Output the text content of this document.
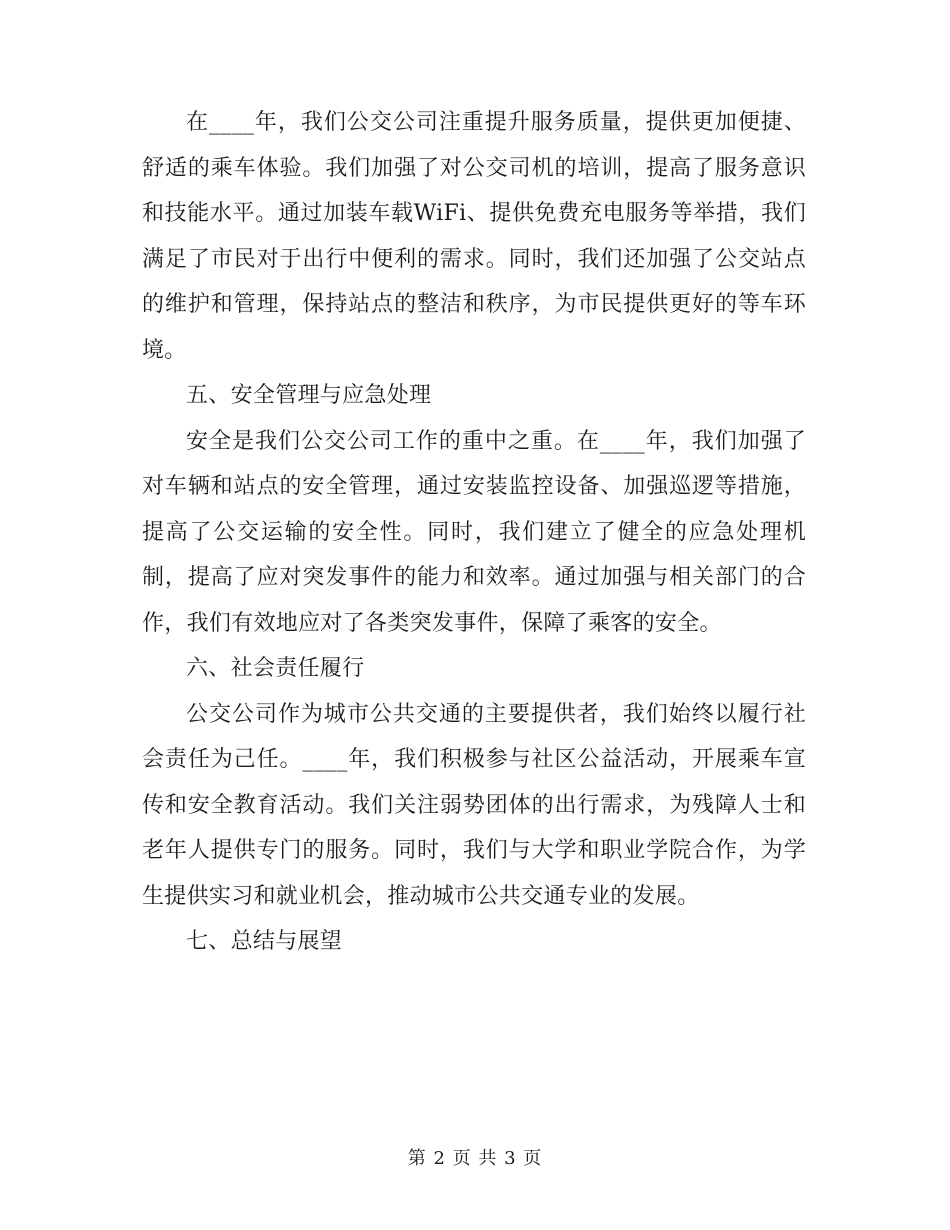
在____年，我们公交公司注重提升服务质量，提供更加便捷、舒适的乘车体验。我们加强了对公交司机的培训，提高了服务意识和技能水平。通过加装车载WiFi、提供免费充电服务等举措，我们满足了市民对于出行中便利的需求。同时，我们还加强了公交站点的维护和管理，保持站点的整洁和秩序，为市民提供更好的等车环境。

五、安全管理与应急处理

安全是我们公交公司工作的重中之重。在____年，我们加强了对车辆和站点的安全管理，通过安装监控设备、加强巡逻等措施，提高了公交运输的安全性。同时，我们建立了健全的应急处理机制，提高了应对突发事件的能力和效率。通过加强与相关部门的合作，我们有效地应对了各类突发事件，保障了乘客的安全。

六、社会责任履行

公交公司作为城市公共交通的主要提供者，我们始终以履行社会责任为己任。____年，我们积极参与社区公益活动，开展乘车宣传和安全教育活动。我们关注弱势团体的出行需求，为残障人士和老年人提供专门的服务。同时，我们与大学和职业学院合作，为学生提供实习和就业机会，推动城市公共交通专业的发展。

七、总结与展望

第 2 页 共 3 页
